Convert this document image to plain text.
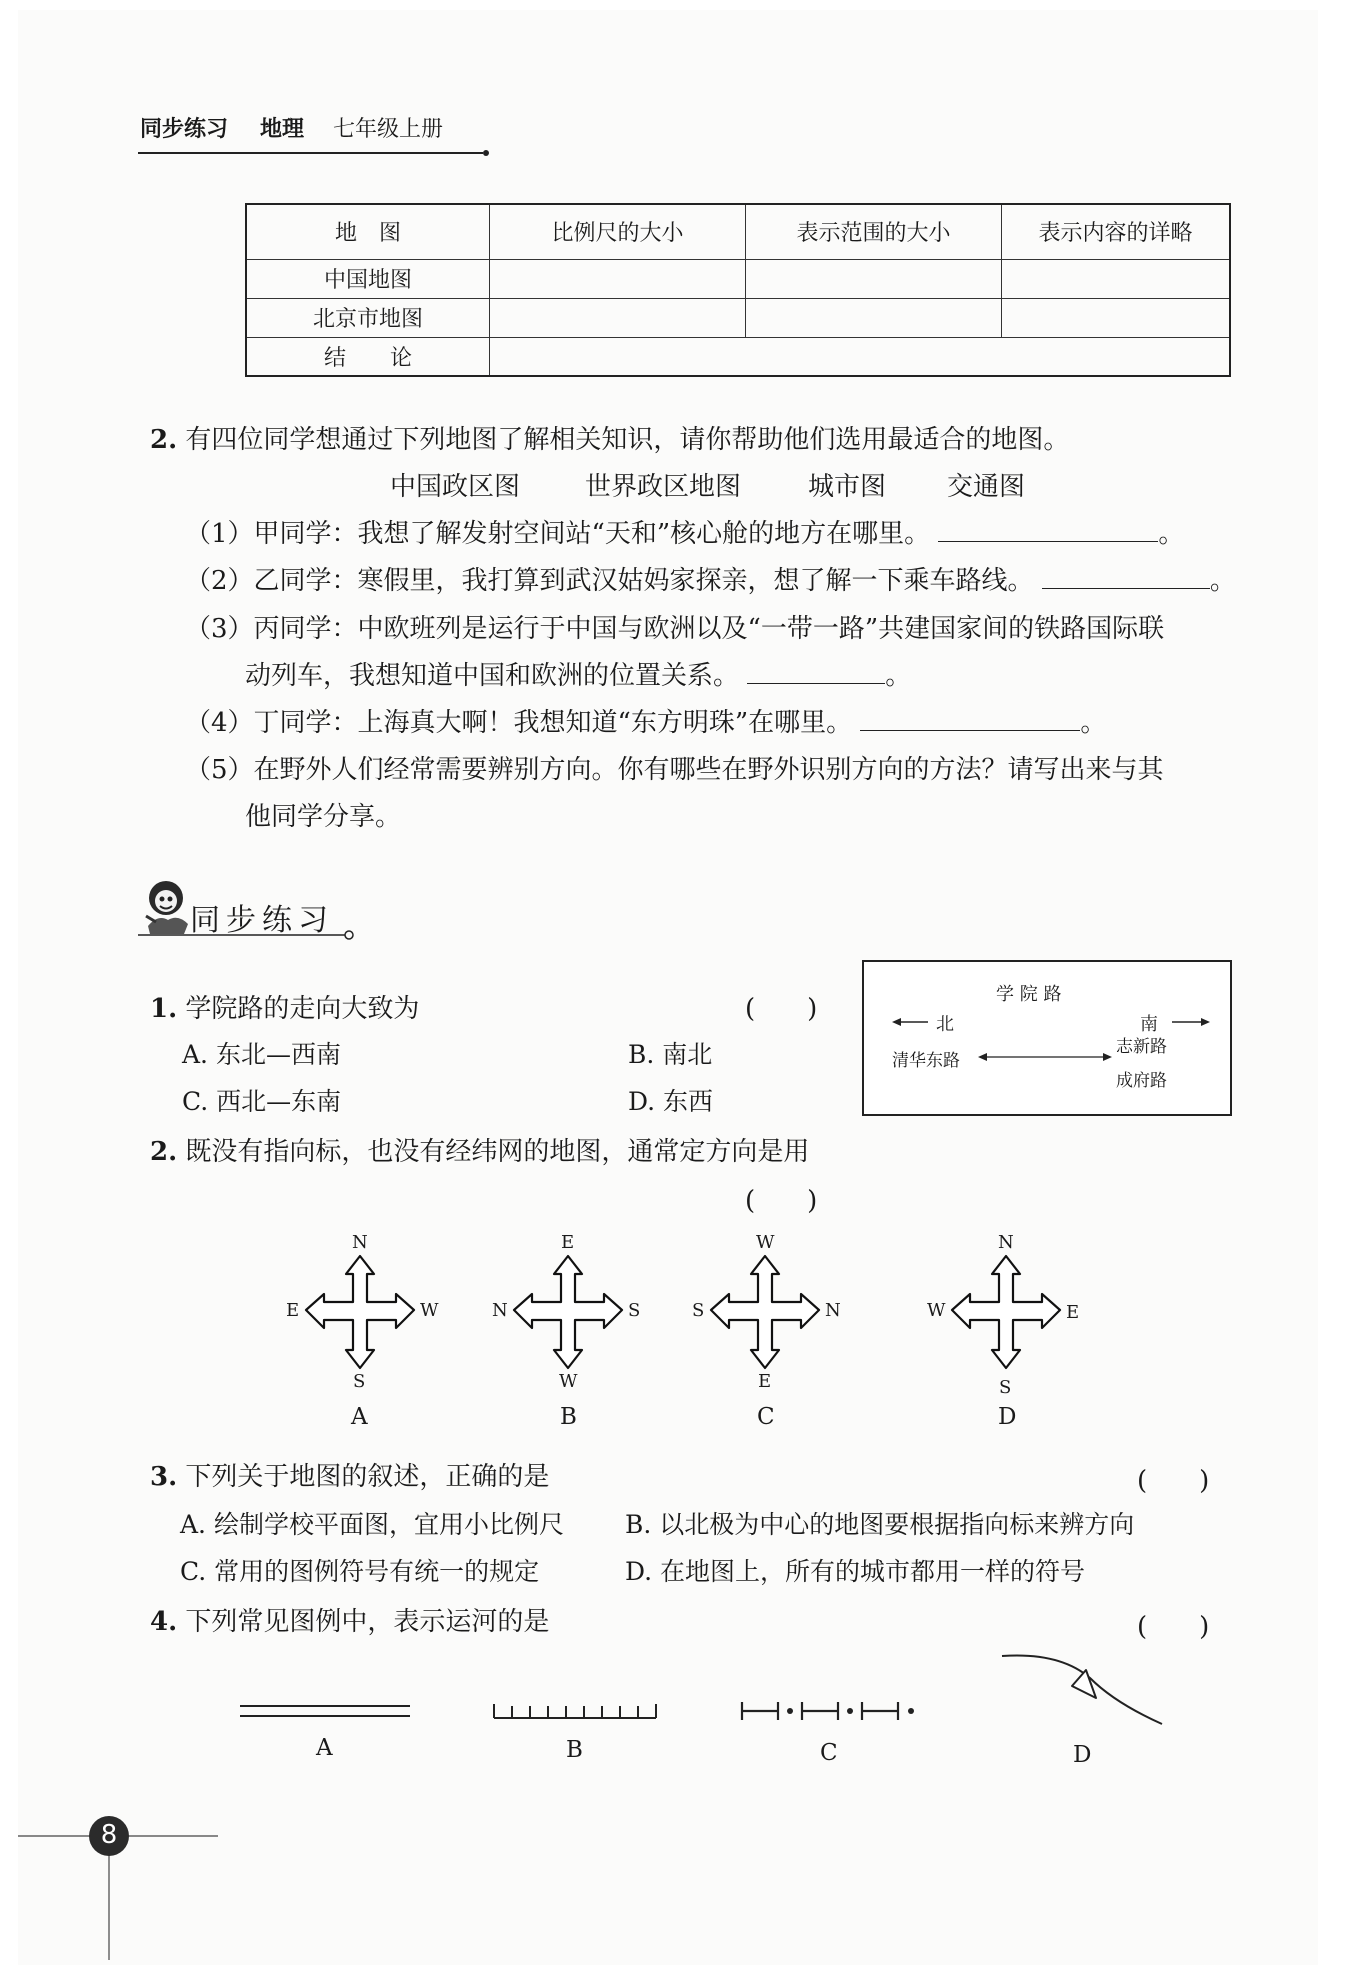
同步练习 地理 七年级上册
地　图	比例尺的大小	表示范围的大小	表示内容的详略
中国地图			
北京市地图			
结　　论			
2. 有四位同学想通过下列地图了解相关知识，请你帮助他们选用最适合的地图。
中国政区图 世界政区地图	城市图 交通图
（1）甲同学：我想了解发射空间站“天和”核心舱的地方在哪里。	。
（2）乙同学：寒假里，我打算到武汉姑妈家探亲，想了解一下乘车路线。	。
（3）丙同学：中欧班列是运行于中国与欧洲以及“一带一路”共建国家间的铁路国际联
动列车，我想知道中国和欧洲的位置关系。	。
（4）丁同学：上海真大啊！我想知道“东方明珠”在哪里。	。
（5）在野外人们经常需要辨别方向。你有哪些在野外识别方向的方法？请写出来与其
他同学分享。
同步练习
1. 学院路的走向大致为	(　　)
A. 东北—西南	B. 南北
C. 西北—东南	D. 东西
学 院 路
北	南
志新路
清华东路
成府路
2. 既没有指向标，也没有经纬网的地图，通常定方向是用
(　　)
N
S
E	W
A
E
W
N	S
B
W
E
S	N
C
N
S
W	E
D
3. 下列关于地图的叙述，正确的是	(　　)
A. 绘制学校平面图，宜用小比例尺 B. 以北极为中心的地图要根据指向标来辨方向
C. 常用的图例符号有统一的规定	D. 在地图上，所有的城市都用一样的符号
4. 下列常见图例中，表示运河的是	(　　)
A	B	C	D
8
